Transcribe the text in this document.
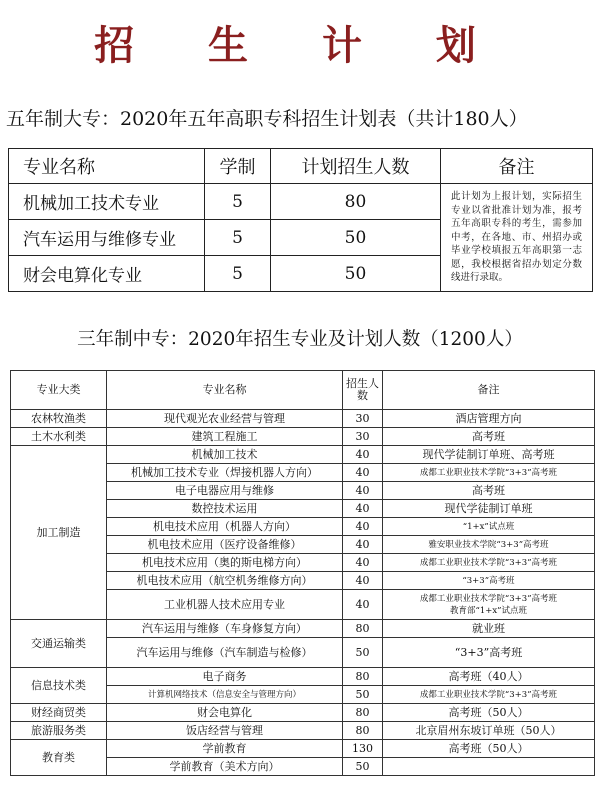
招 生 计 划
五年制大专：2020年五年高职专科招生计划表（共计180人）
专业名称	学制	计划招生人数	备注
机械加工技术专业	5	80	此计划为上报计划，实际招生专业以省批准计划为准，报考五年高职专科的考生，需参加中考，在各地、市、州招办或毕业学校填报五年高职第一志愿，我校根据省招办划定分数线进行录取。
汽车运用与维修专业	5	50	
财会电算化专业	5	50	
三年制中专：2020年招生专业及计划人数（1200人）
专业大类	专业名称	招生人数	备注
农林牧渔类	现代观光农业经营与管理	30	酒店管理方向
土木水利类	建筑工程施工	30	高考班
加工制造	机械加工技术	40	现代学徒制订单班、高考班
	机械加工技术专业（焊接机器人方向）	40	成都工业职业技术学院“3+3”高考班
	电子电器应用与维修	40	高考班
	数控技术运用	40	现代学徒制订单班
	机电技术应用（机器人方向）	40	“1+x”试点班
	机电技术应用（医疗设备维修）	40	雅安职业技术学院“3+3”高考班
	机电技术应用（奥的斯电梯方向）	40	成都工业职业技术学院“3+3”高考班
	机电技术应用（航空机务维修方向）	40	“3+3”高考班
	工业机器人技术应用专业	40	成都工业职业技术学院“3+3”高考班
教育部“1+x”试点班

交通运输类	汽车运用与维修（车身修复方向）	80	就业班
	汽车运用与维修（汽车制造与检修）	50	“3+3”高考班
信息技术类	电子商务	80	高考班（40人）
	计算机网络技术（信息安全与管理方向）	50	成都工业职业技术学院“3+3”高考班
财经商贸类	财会电算化	80	高考班（50人）
旅游服务类	饭店经营与管理	80	北京眉州东坡订单班（50人）
教育类	学前教育	130	高考班（50人）
	学前教育（美术方向）	50	
